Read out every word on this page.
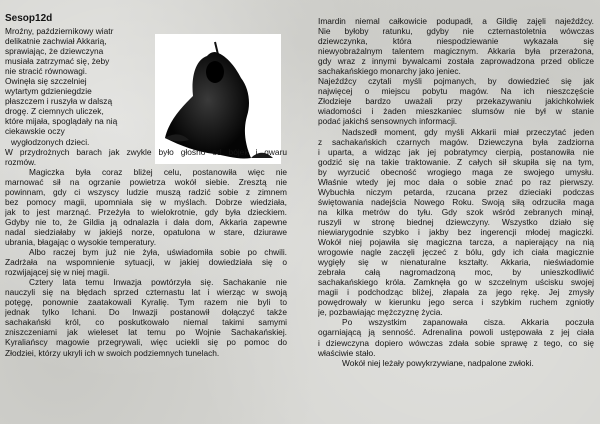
Sesop12d
Mroźny, październikowy wiatr
delikatnie zachwiał Akkarią,
sprawiając, że dziewczyna
musiała zatrzymać się, żeby
nie stracić równowagi.
Owinęła się szczelniej
wytartym gdzieniegdzie
płaszczem i ruszyła w dalszą
drogę. Z ciemnych uliczek,
które mijała, spoglądały na nią
ciekawskie oczy
wygłodzonych dzieci.
W przydrożnych barach jak zwykle było głośno od bójek i gwaru
rozmów.
Magiczka była coraz bliżej celu, postanowiła więc nie
marnować sił na ogrzanie powietrza wokół siebie. Zresztą nie
powinnam, gdy ci wszyscy ludzie muszą radzić sobie z zimnem
bez pomocy magii, upomniała się w myślach. Dobrze wiedziała,
jak to jest marznąć. Przeżyła to wielokrotnie, gdy była dzieckiem.
Gdyby nie to, że Gildia ją odnalazła i dała dom, Akkaria zapewne
nadal siedziałaby w jakiejś norze, opatulona w stare, dziurawe
ubrania, błagając o wysokie temperatury.
Albo raczej bym już nie żyła, uświadomiła sobie po chwili.
Zadrżała na wspomnienie sytuacji, w jakiej dowiedziała się o
rozwijającej się w niej magii.
Cztery lata temu Inwazja powtórzyła się. Sachakanie nie
nauczyli się na błędach sprzed czternastu lat i wierząc w swoją
potęgę, ponownie zaatakowali Kyralię. Tym razem nie byli to
jednak tylko Ichani. Do Inwazji postanowił dołączyć także
sachakański król, co poskutkowało niemal takimi samymi
zniszczeniami jak wieleset lat temu po Wojnie Sachakańskiej.
Kyraliańscy magowie przegrywali, więc uciekli się po pomoc do
Złodziei, którzy ukryli ich w swoich podziemnych tunelach.
Imardin niemal całkowicie podupadł, a Gildię zajęli najeźdźcy.
Nie byłoby ratunku, gdyby nie czternastoletnia wówczas
dziewczynka, która niespodziewanie wykazała się
niewyobrażalnym talentem magicznym. Akkaria była przerażona,
gdy wraz z innymi bywalcami została zaprowadzona przed oblicze
sachakańskiego monarchy jako jeniec.
Najeźdźcy czytali myśli pojmanych, by dowiedzieć się jak
najwięcej o miejscu pobytu magów. Na ich nieszczęście
Złodzieje bardzo uważali przy przekazywaniu jakichkolwiek
wiadomości i żaden mieszkaniec slumsów nie był w stanie
podać jakichś sensownych informacji.
Nadszedł moment, gdy myśli Akkarii miał przeczytać jeden
z sachakańskich czarnych magów. Dziewczyna była zadziorna
i uparta, a widząc jak jej pobratymcy cierpią, postanowiła nie
godzić się na takie traktowanie. Z całych sił skupiła się na tym,
by wyrzucić obecność wrogiego maga ze swojego umysłu.
Właśnie wtedy jej moc dała o sobie znać po raz pierwszy.
Wybuchła niczym petarda, rzucana przez dzieciaki podczas
świętowania nadejścia Nowego Roku. Swoją siłą odrzuciła maga
na kilka metrów do tyłu. Gdy szok wśród zebranych minął,
ruszyli w stronę biednej dziewczyny. Wszystko działo się
niewiarygodnie szybko i jakby bez ingerencji młodej magiczki.
Wokół niej pojawiła się magiczna tarcza, a napierający na nią
wrogowie nagle zaczęli jęczeć z bólu, gdy ich ciała magicznie
wygięły się w nienaturalne kształty. Akkaria, nieświadomie
zebrała całą nagromadzoną moc, by unieszkodliwić
sachakańskiego króla. Zamknęła go w szczelnym uścisku swojej
magii i podchodząc bliżej, złapała za jego rękę. Jej zmysły
powędrowały w kierunku jego serca i szybkim ruchem zgniotły
je, pozbawiając mężczyznę życia.
Po wszystkim zapanowała cisza. Akkaria poczuła
ogarniającą ją senność. Adrenalina powoli ustępowała z jej ciała
i dziewczyna dopiero wówczas zdała sobie sprawę z tego, co się
właściwie stało.
Wokół niej leżały powykrzywiane, nadpalone zwłoki.
